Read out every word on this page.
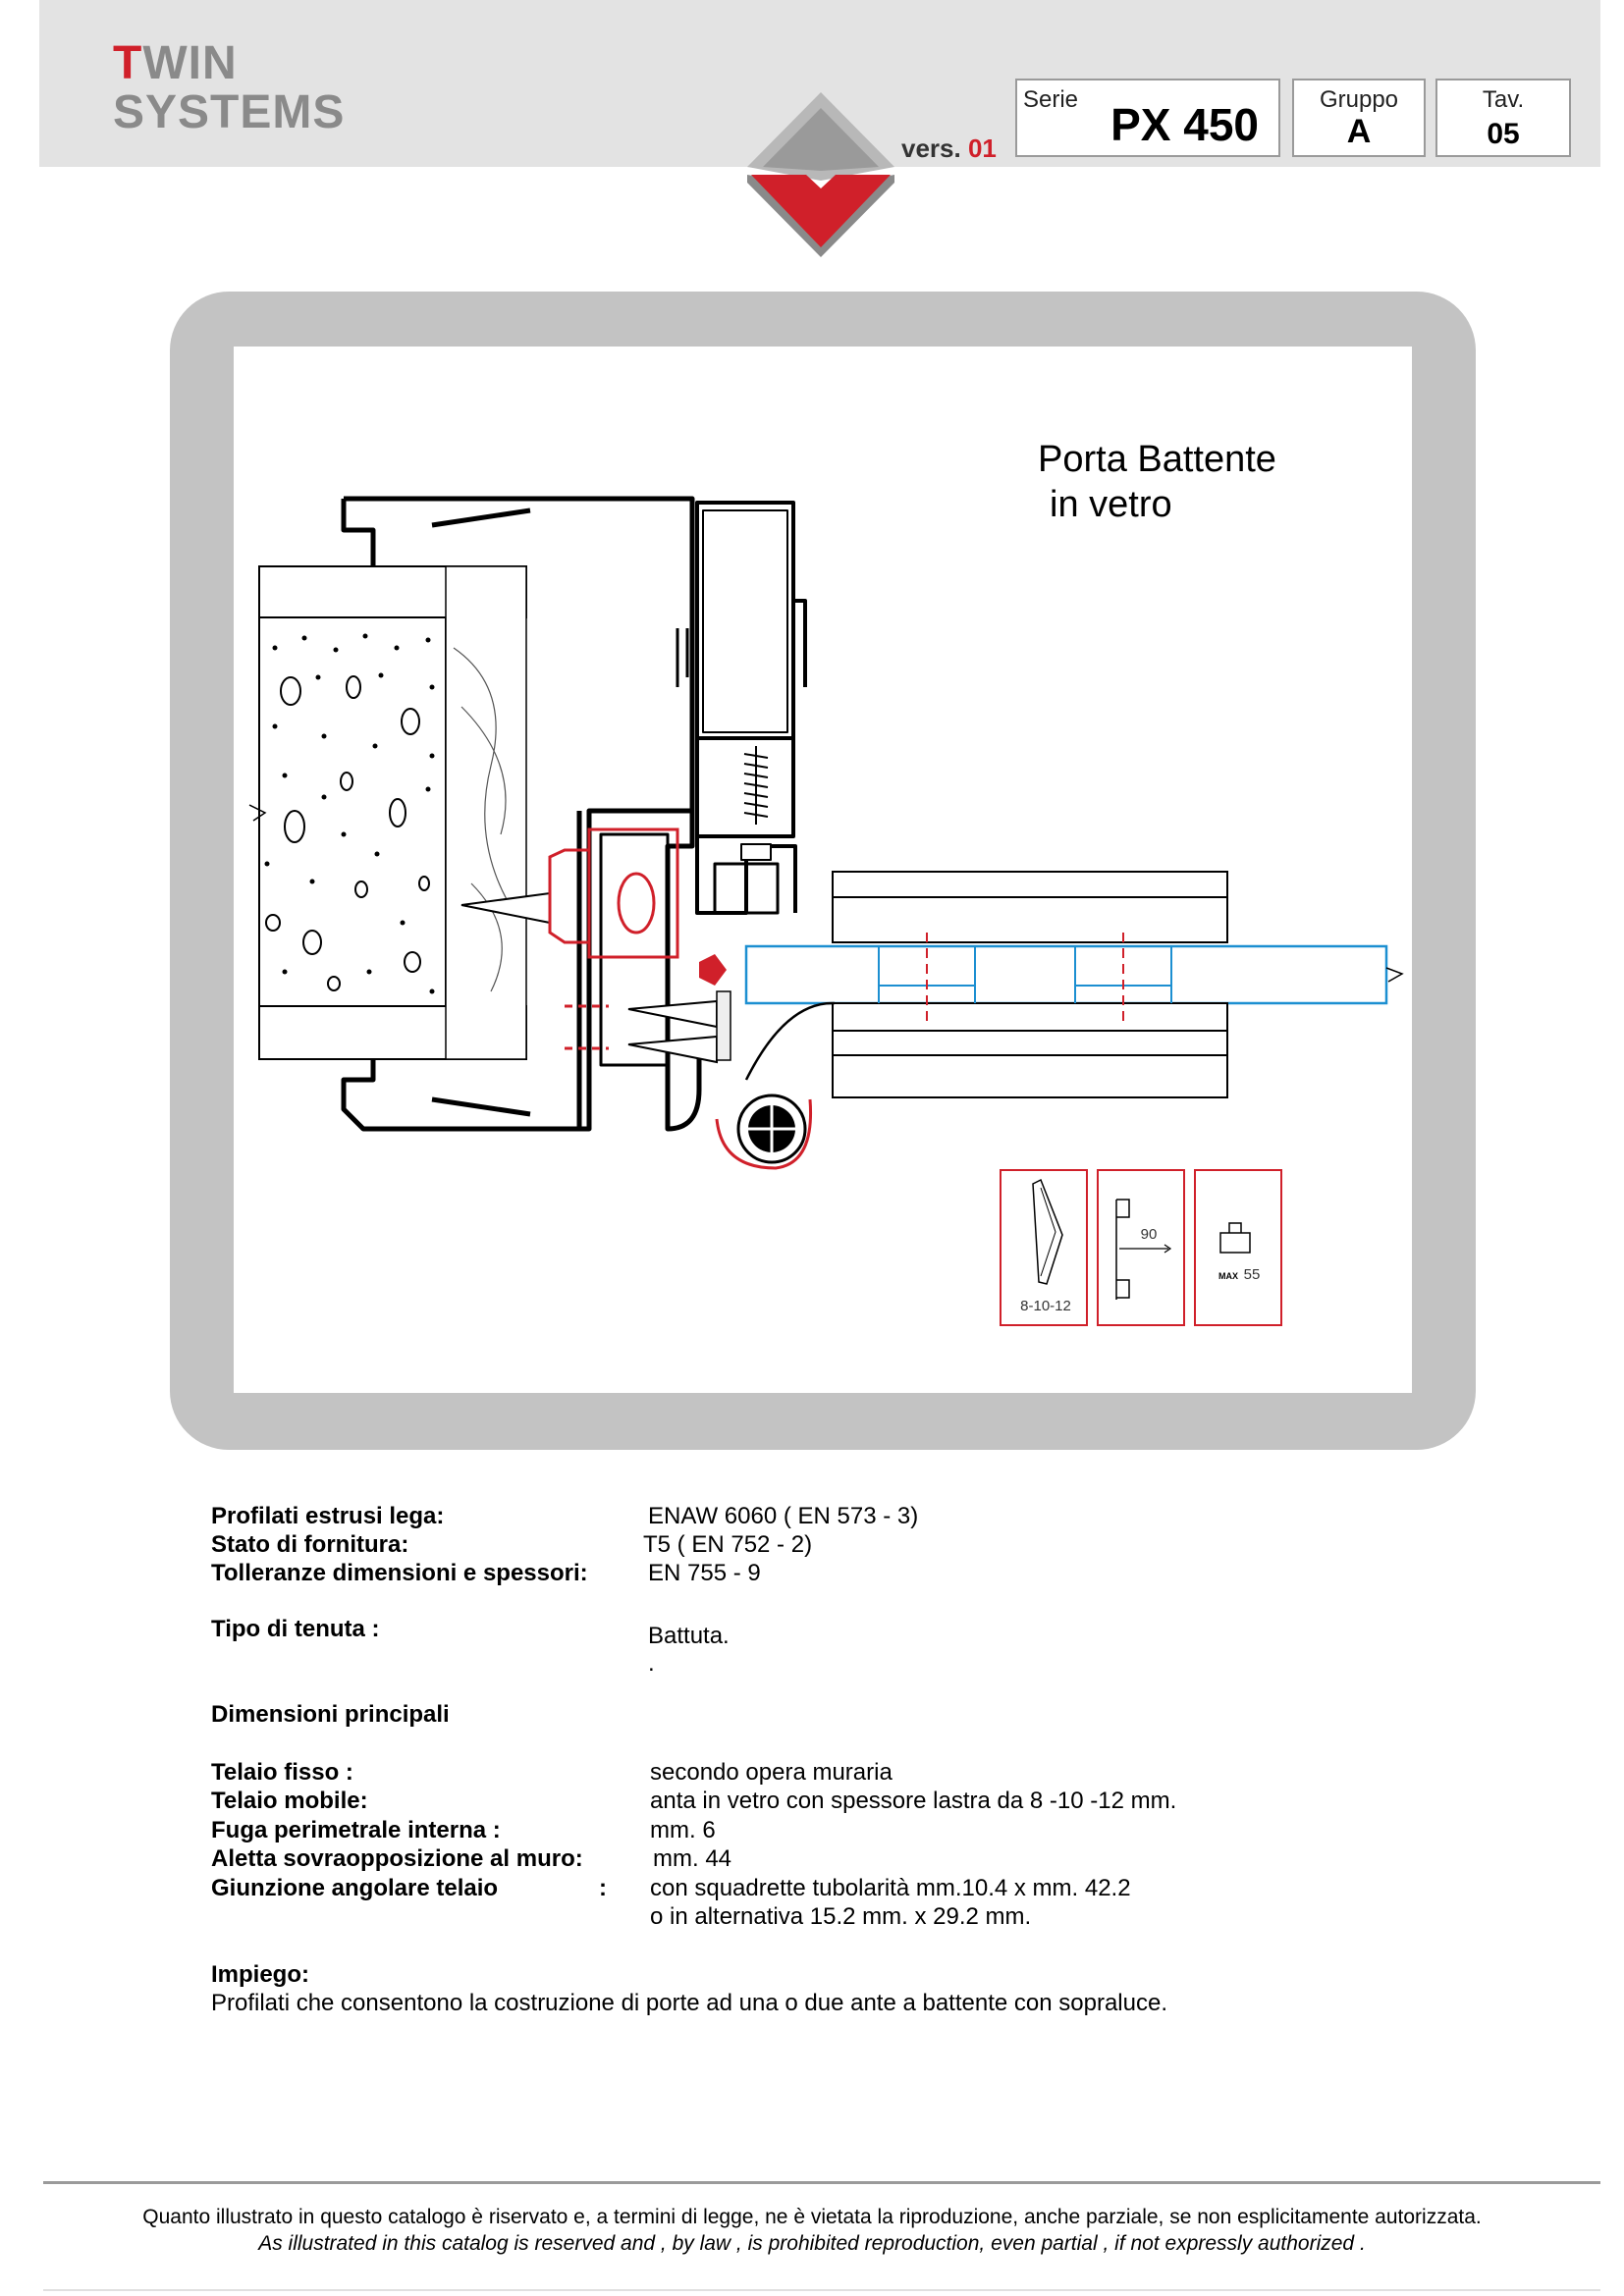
TWIN
SYSTEMS
vers. 01
Serie PX 450	Gruppo
A
Tav.
05
Porta Battente
in vetro
8-10-12
90
MAX 55
Profilati estrusi lega:	ENAW 6060 ( EN 573 - 3)
Stato di fornitura:	T5 ( EN 752 - 2)
Tolleranze dimensioni e spessori:	EN 755 - 9
Tipo di tenuta :	Battuta.
.
Dimensioni principali
Telaio fisso :	secondo opera muraria
Telaio mobile:	anta in vetro con spessore lastra da 8 -10 -12 mm.
Fuga perimetrale interna :	mm. 6
Aletta sovraopposizione al muro:	mm. 44
Giunzione angolare telaio	: con squadrette tubolarità mm.10.4 x mm. 42.2
o in alternativa 15.2 mm. x 29.2 mm.
Impiego:
Profilati che consentono la costruzione di porte ad una o due ante a battente con sopraluce.
Quanto illustrato in questo catalogo è riservato e, a termini di legge, ne è vietata la riproduzione, anche parziale, se non esplicitamente autorizzata.
As illustrated in this catalog is reserved and , by law , is prohibited reproduction, even partial , if not expressly authorized .
